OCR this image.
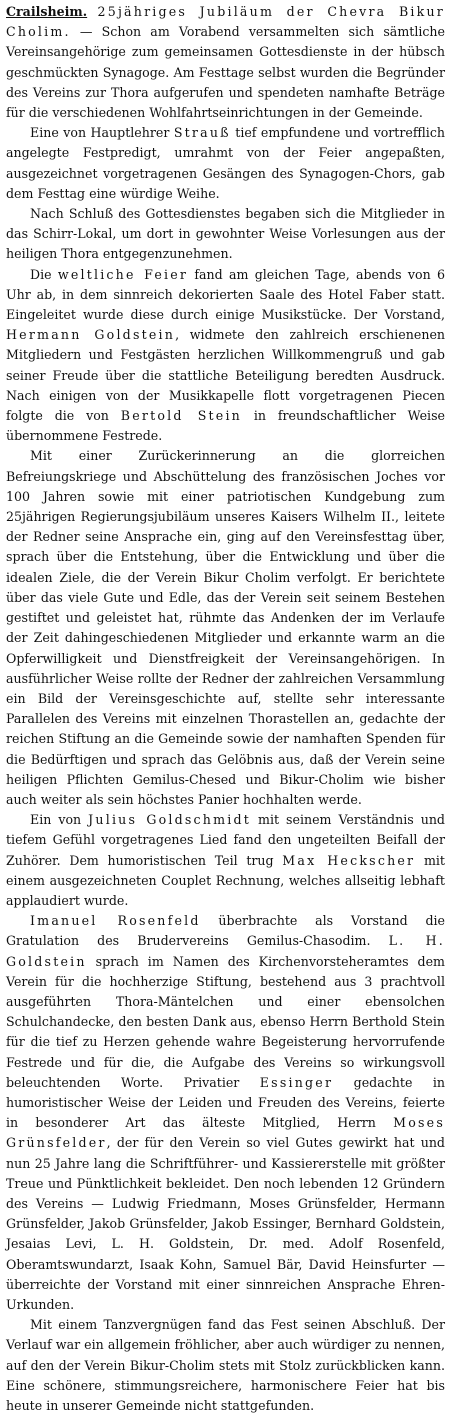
Crailsheim. 25jähriges Jubiläum der Chevra Bikur Cholim. — Schon am Vorabend versammelten sich sämtliche Vereinsangehörige zum gemeinsamen Gottesdienste in der hübsch geschmückten Synagoge. Am Festtage selbst wurden die Begründer des Vereins zur Thora aufgerufen und spendeten namhafte Beträge für die verschiedenen Wohlfahrtseinrichtungen in der Gemeinde.

Eine von Hauptlehrer Strauß tief empfundene und vortrefflich angelegte Festpredigt, umrahmt von der Feier angepaßten, ausgezeichnet vorgetragenen Gesängen des Synagogen-Chors, gab dem Festtag eine würdige Weihe.

Nach Schluß des Gottesdienstes begaben sich die Mitglieder in das Schirr-Lokal, um dort in gewohnter Weise Vorlesungen aus der heiligen Thora entgegenzunehmen.

Die weltliche Feier fand am gleichen Tage, abends von 6 Uhr ab, in dem sinnreich dekorierten Saale des Hotel Faber statt. Eingeleitet wurde diese durch einige Musikstücke. Der Vorstand, Hermann Goldstein, widmete den zahlreich erschienenen Mitgliedern und Festgästen herzlichen Willkommengruß und gab seiner Freude über die stattliche Beteiligung beredten Ausdruck. Nach einigen von der Musikkapelle flott vorgetragenen Piecen folgte die von Bertold Stein in freundschaftlicher Weise übernommene Festrede.

Mit einer Zurückerinnerung an die glorreichen Befreiungskriege und Abschüttelung des französischen Joches vor 100 Jahren sowie mit einer patriotischen Kundgebung zum 25jährigen Regierungsjubiläum unseres Kaisers Wilhelm II., leitete der Redner seine Ansprache ein, ging auf den Vereinsfesttag über, sprach über die Entstehung, über die Entwicklung und über die idealen Ziele, die der Verein Bikur Cholim verfolgt. Er berichtete über das viele Gute und Edle, das der Verein seit seinem Bestehen gestiftet und geleistet hat, rühmte das Andenken der im Verlaufe der Zeit dahingeschiedenen Mitglieder und erkannte warm an die Opferwilligkeit und Dienstfreigkeit der Vereinsangehörigen. In ausführlicher Weise rollte der Redner der zahlreichen Versammlung ein Bild der Vereinsgeschichte auf, stellte sehr interessante Parallelen des Vereins mit einzelnen Thorastellen an, gedachte der reichen Stiftung an die Gemeinde sowie der namhaften Spenden für die Bedürftigen und sprach das Gelöbnis aus, daß der Verein seine heiligen Pflichten Gemilus-Chesed und Bikur-Cholim wie bisher auch weiter als sein höchstes Panier hochhalten werde.

Ein von Julius Goldschmidt mit seinem Verständnis und tiefem Gefühl vorgetragenes Lied fand den ungeteilten Beifall der Zuhörer. Dem humoristischen Teil trug Max Heckscher mit einem ausgezeichneten Couplet Rechnung, welches allseitig lebhaft applaudiert wurde.

Imanuel Rosenfeld überbrachte als Vorstand die Gratulation des Brudervereins Gemilus-Chasodim. L. H. Goldstein sprach im Namen des Kirchenvorsteheramtes dem Verein für die hochherzige Stiftung, bestehend aus 3 prachtvoll ausgeführten Thora-Mäntelchen und einer ebensolchen Schulchandecke, den besten Dank aus, ebenso Herrn Berthold Stein für die tief zu Herzen gehende wahre Begeisterung hervorrufende Festrede und für die, die Aufgabe des Vereins so wirkungsvoll beleuchtenden Worte. Privatier Essinger gedachte in humoristischer Weise der Leiden und Freuden des Vereins, feierte in besonderer Art das älteste Mitglied, Herrn Moses Grünsfelder, der für den Verein so viel Gutes gewirkt hat und nun 25 Jahre lang die Schriftführer- und Kassiererstelle mit größter Treue und Pünktlichkeit bekleidet. Den noch lebenden 12 Gründern des Vereins — Ludwig Friedmann, Moses Grünsfelder, Hermann Grünsfelder, Jakob Grünsfelder, Jakob Essinger, Bernhard Goldstein, Jesaias Levi, L. H. Goldstein, Dr. med. Adolf Rosenfeld, Oberamtswundarzt, Isaak Kohn, Samuel Bär, David Heinsfurter — überreichte der Vorstand mit einer sinnreichen Ansprache Ehren-Urkunden.

Mit einem Tanzvergnügen fand das Fest seinen Abschluß. Der Verlauf war ein allgemein fröhlicher, aber auch würdiger zu nennen, auf den der Verein Bikur-Cholim stets mit Stolz zurückblicken kann. Eine schönere, stimmungsreichere, harmonischere Feier hat bis heute in unserer Gemeinde nicht stattgefunden.
